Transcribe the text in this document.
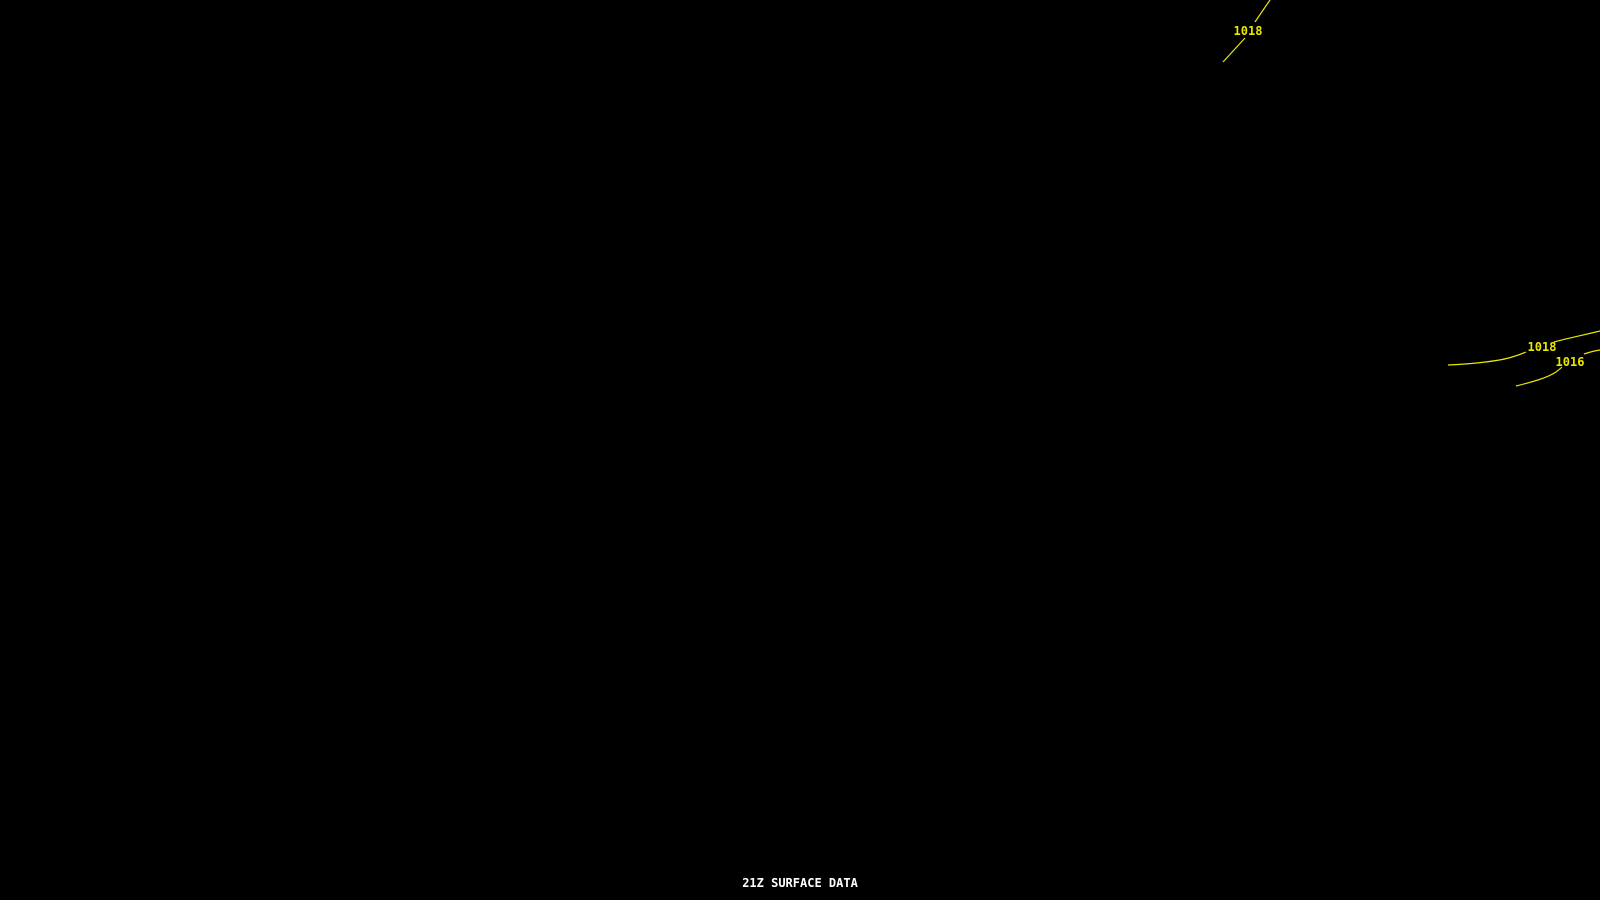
1018
1018
1016
21Z SURFACE DATA
